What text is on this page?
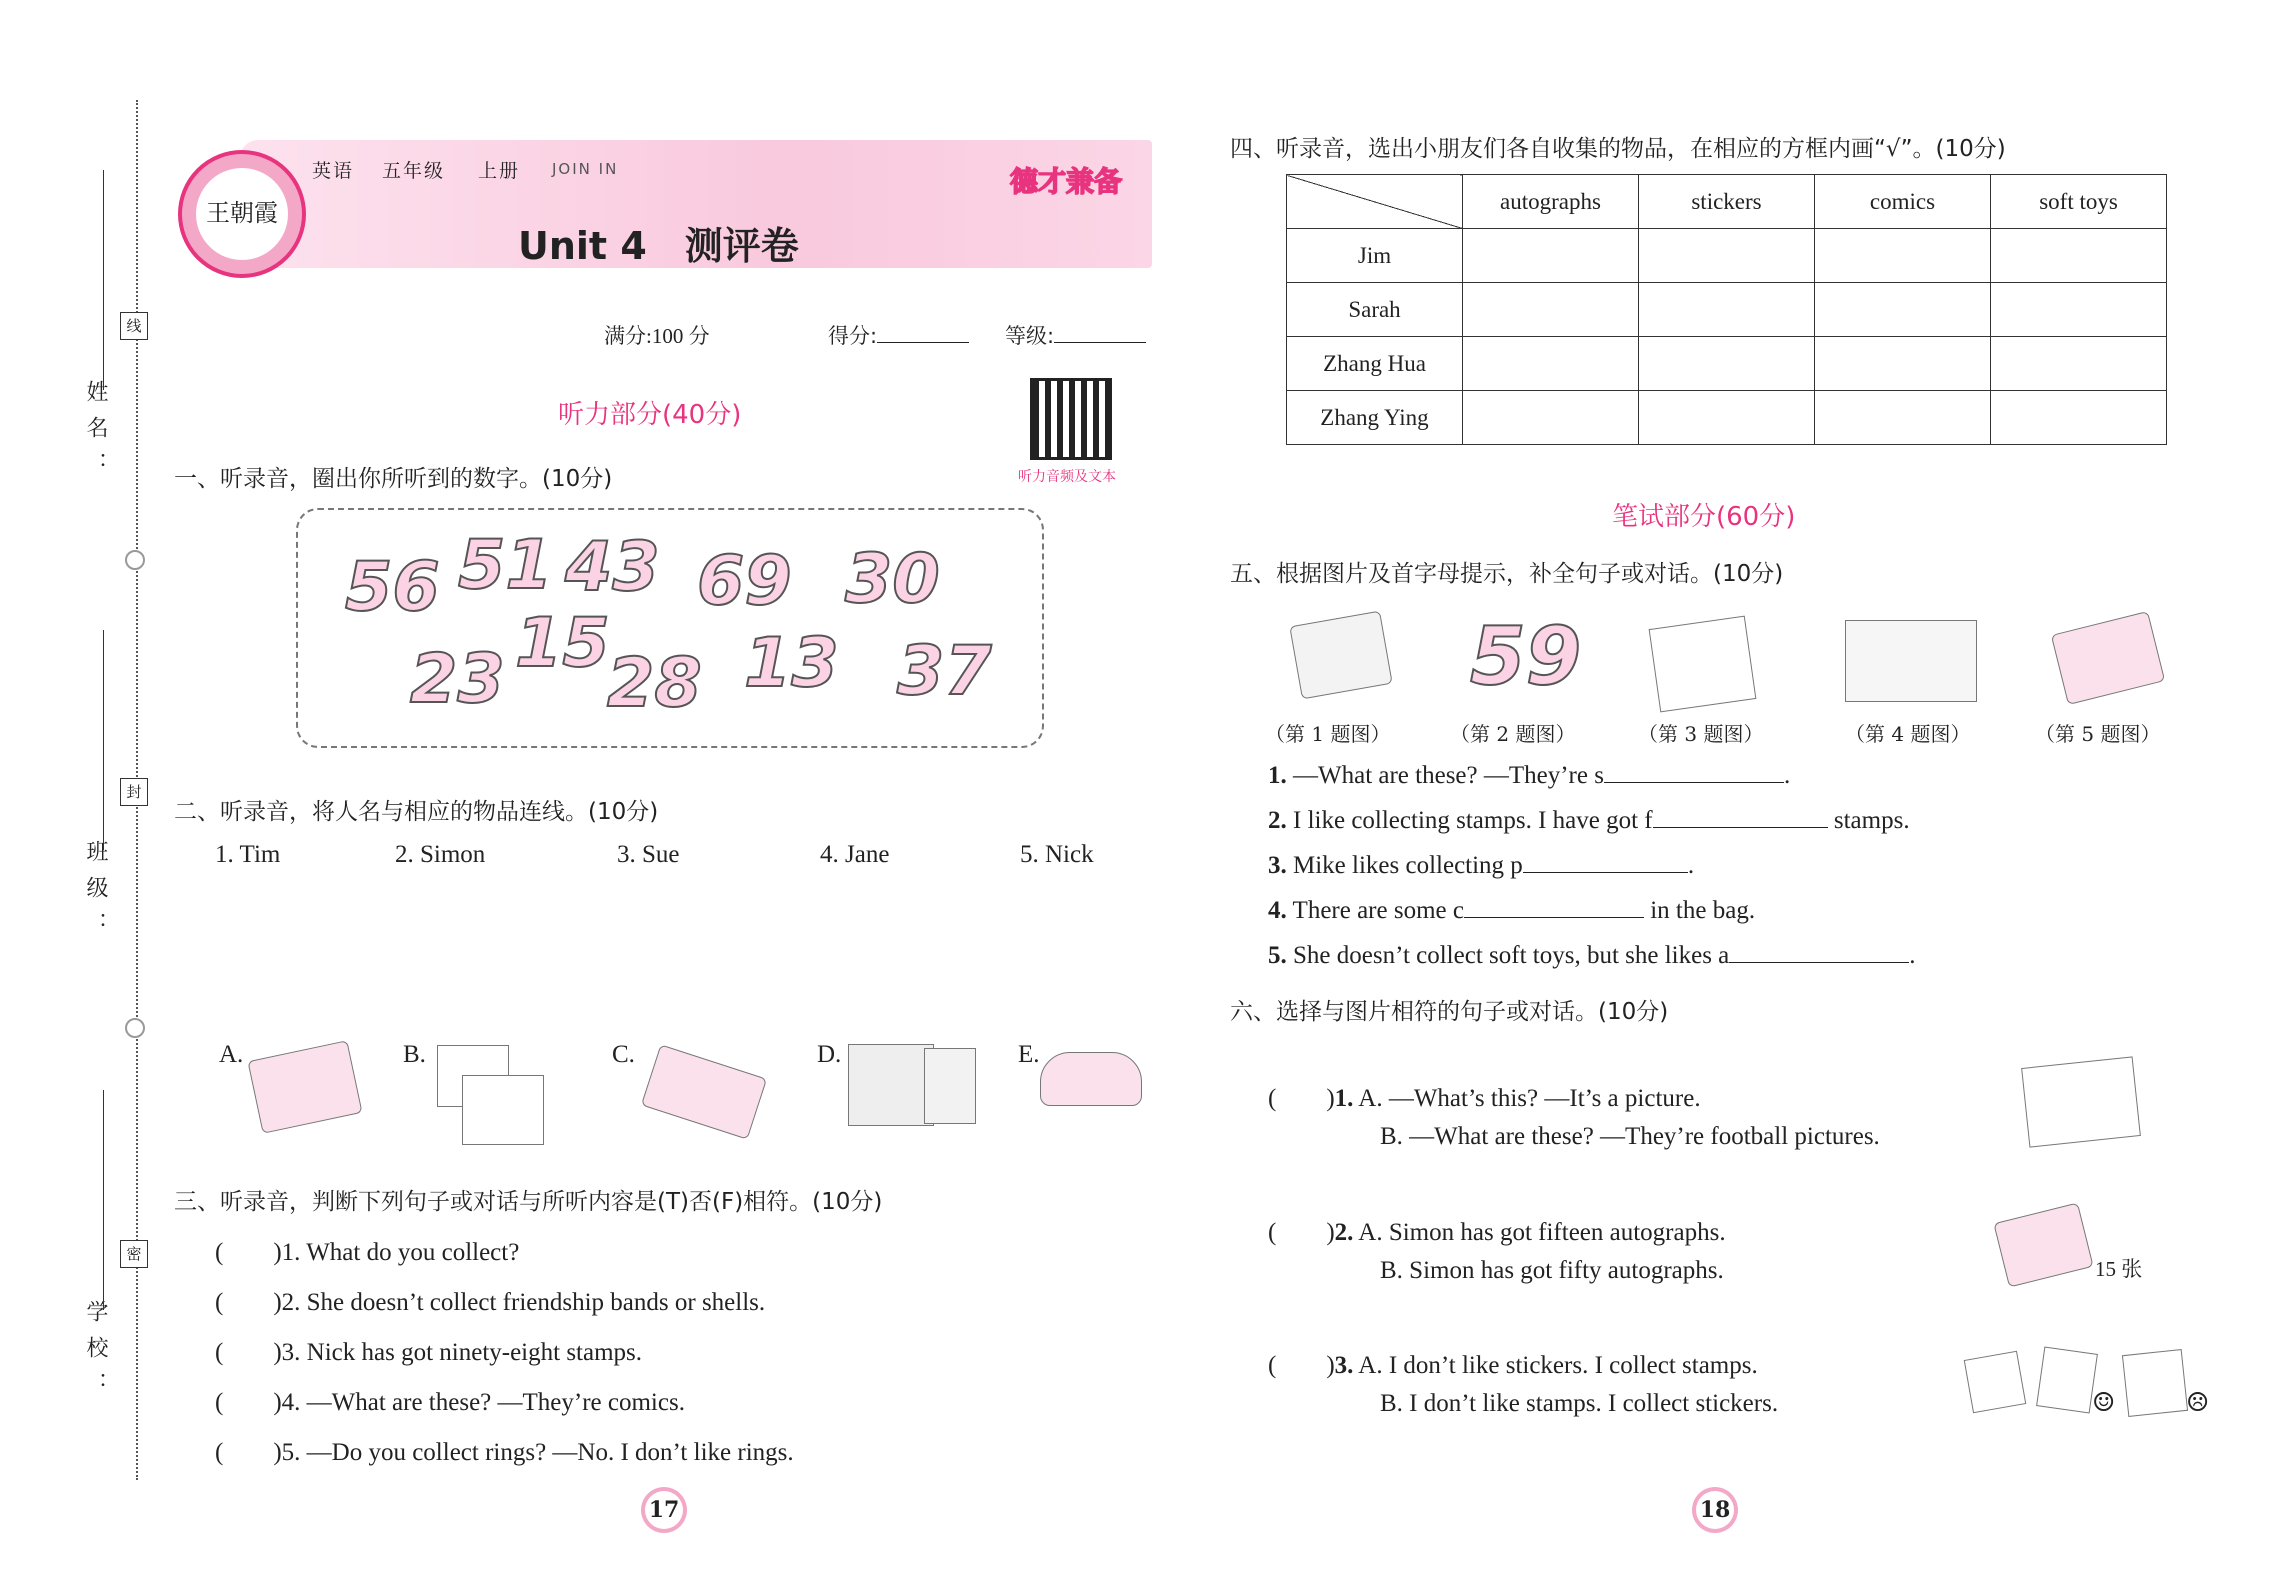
姓名：
班级：
学校：
线
封
密
王朝霞
英语 五年级 上册 JOIN IN
Unit 4　测评卷
德才兼备
满分:100 分	得分:	等级:
听力音频及文本
听力部分(40分)
一、听录音，圈出你所听到的数字。(10分)
56 51 43 69 30
23 15
28 13 37
二、听录音，将人名与相应的物品连线。(10分)
1. Tim	2. Simon	3. Sue	4. Jane	5. Nick
A.	B.	C.	D.	E.
三、听录音，判断下列句子或对话与所听内容是(T)否(F)相符。(10分)
(　　)1. What do you collect?
(　　)2. She doesn’t collect friendship bands or shells.
(　　)3. Nick has got ninety-eight stamps.
(　　)4. —What are these? —They’re comics.
(　　)5. —Do you collect rings? —No. I don’t like rings.
17
四、听录音，选出小朋友们各自收集的物品，在相应的方框内画“√”。(10分)
	autographs	stickers	comics	soft toys
Jim				
Sarah				
Zhang Hua				
Zhang Ying				
笔试部分(60分)
五、根据图片及首字母提示，补全句子或对话。(10分)
59
（第 1 题图）	（第 2 题图）	（第 3 题图）	（第 4 题图）	（第 5 题图）
1. —What are these? —They’re s	.
2. I like collecting stamps. I have got f	stamps.
3. Mike likes collecting p	.
4. There are some c	in the bag.
5. She doesn’t collect soft toys, but she likes a	.
六、选择与图片相符的句子或对话。(10分)
(　　)1. A. —What’s this? —It’s a picture.
B. —What are these? —They’re football pictures.
(　　)2. A. Simon has got fifteen autographs.
B. Simon has got fifty autographs.	15 张
(　　)3. A. I don’t like stickers. I collect stamps.
B. I don’t like stamps. I collect stickers.	☺	☹
18
